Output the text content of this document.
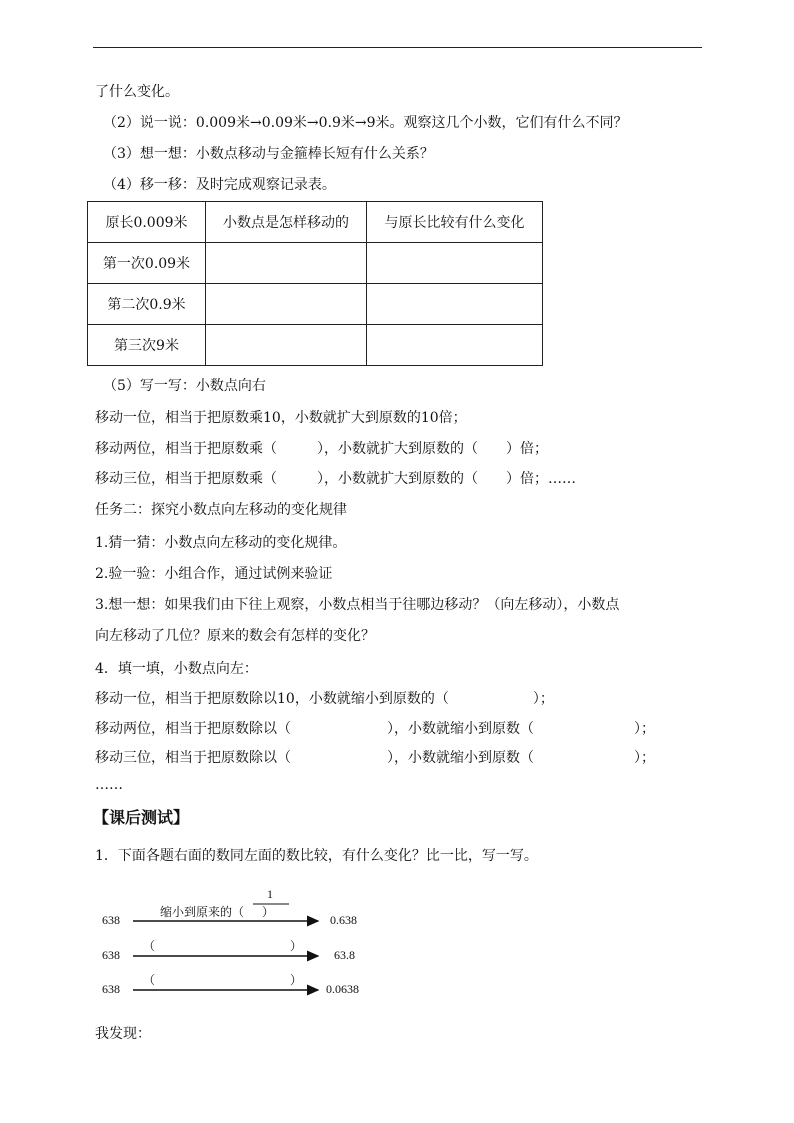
了什么变化。
（2）说一说：0.009米→0.09米→0.9米→9米。观察这几个小数，它们有什么不同？
（3）想一想：小数点移动与金箍棒长短有什么关系？
（4）移一移：及时完成观察记录表。
原长0.009米	小数点是怎样移动的	与原长比较有什么变化
第一次0.09米		
第二次0.9米		
第三次9米		
（5）写一写：小数点向右
移动一位，相当于把原数乘10，小数就扩大到原数的10倍；
移动两位，相当于把原数乘（	），小数就扩大到原数的（ ）倍；
移动三位，相当于把原数乘（	），小数就扩大到原数的（ ）倍；……
任务二：探究小数点向左移动的变化规律
1.猜一猜：小数点向左移动的变化规律。
2.验一验：小组合作，通过试例来验证
3.想一想：如果我们由下往上观察，小数点相当于往哪边移动？（向左移动），小数点
向左移动了几位？原来的数会有怎样的变化？
4．填一填，小数点向左：
移动一位，相当于把原数除以10，小数就缩小到原数的（	）；
移动两位，相当于把原数除以（	），小数就缩小到原数（	）；
移动三位，相当于把原数除以（	），小数就缩小到原数（	）；
……
【课后测试】
1．下面各题右面的数同左面的数比较，有什么变化？比一比，写一写。
638
缩小到原来的（ ）
1
0.638
638
（	）
63.8
638
（	）
0.0638
我发现：
